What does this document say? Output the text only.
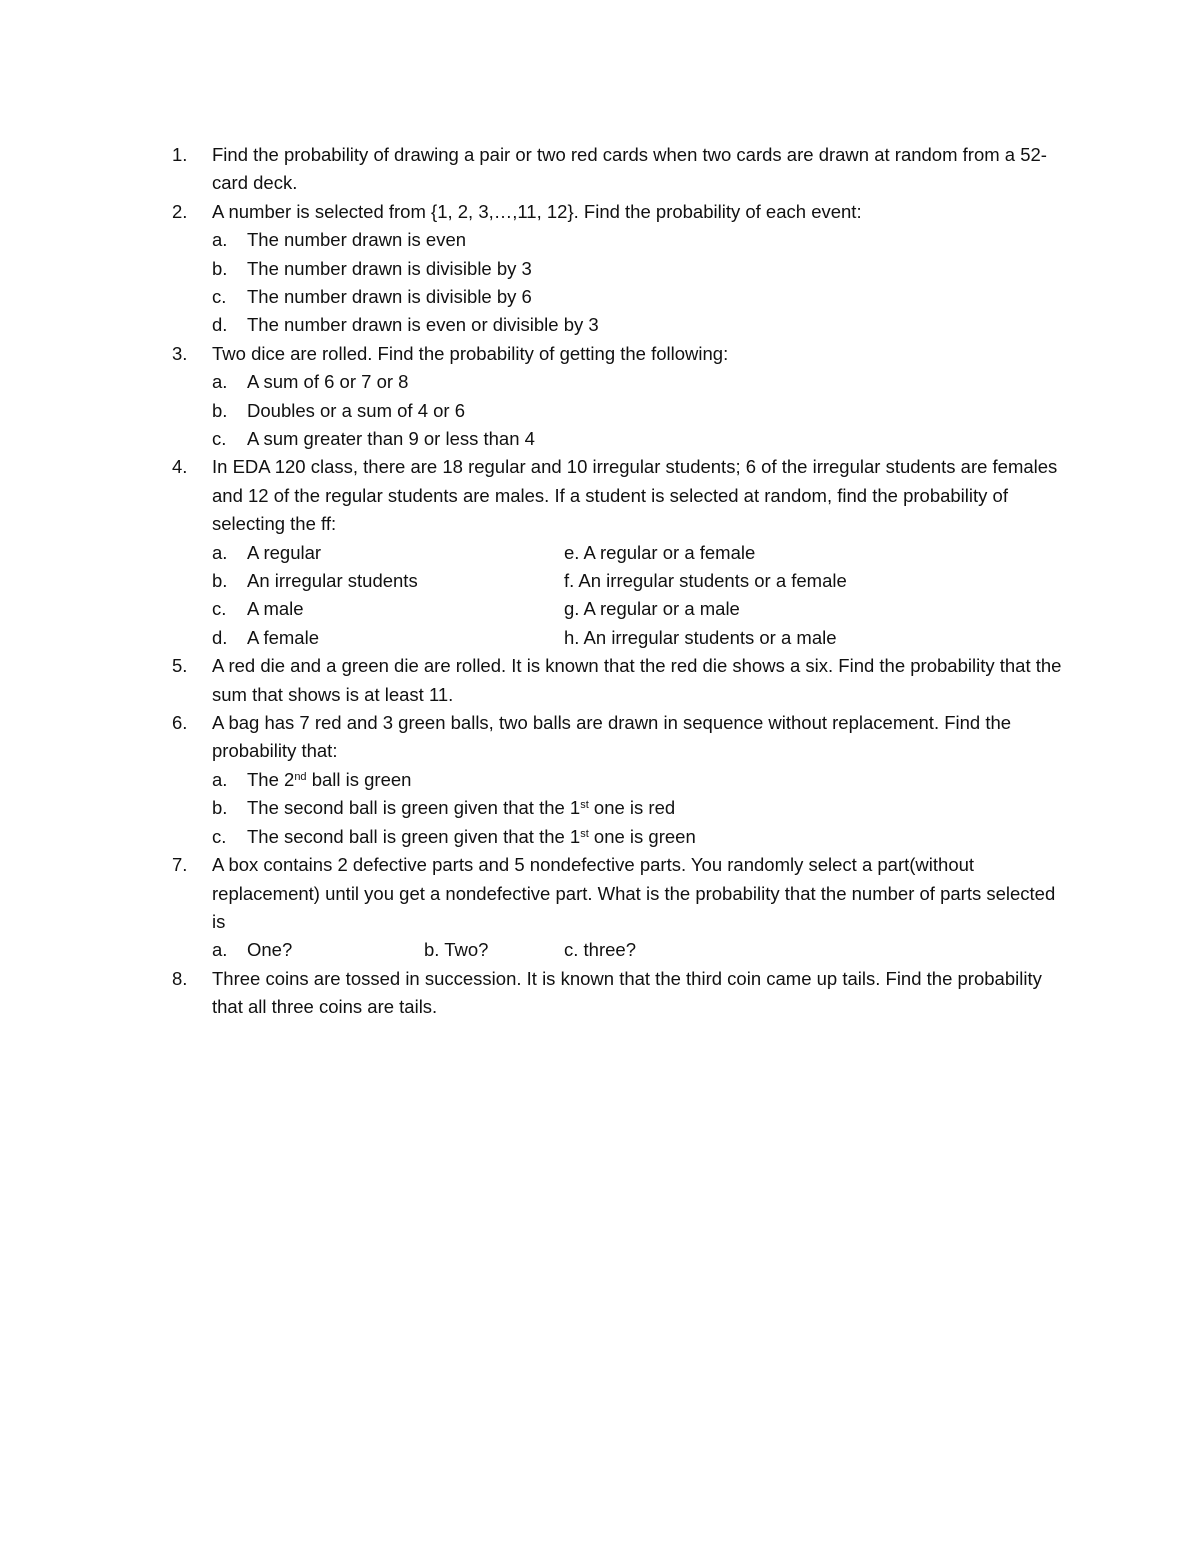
1.	Find the probability of drawing a pair or two red cards when two cards are drawn at random from a 52-card deck.
2.	A number is selected from {1, 2, 3,…,11, 12}. Find the probability of each event:
a.	The number drawn is even
b.	The number drawn is divisible by 3
c.	The number drawn is divisible by 6
d.	The number drawn is even or divisible by 3
3.	Two dice are rolled. Find the probability of getting the following:
a.	A sum of 6 or 7 or 8
b.	Doubles or a sum of 4 or 6
c.	A sum greater than 9 or less than 4
4.	In EDA 120 class, there are 18 regular and 10 irregular students; 6 of the irregular students are females and 12 of the regular students are males. If a student is selected at random, find the probability of selecting the ff:
a.	A regular	e. A regular or a female
b.	An irregular students	f. An irregular students or a female
c.	A male	g. A regular or a male
d.	A female	h. An irregular students or a male
5.	A red die and a green die are rolled. It is known that the red die shows a six. Find the probability that the sum that shows is at least 11.
6.	A bag has 7 red and 3 green balls, two balls are drawn in sequence without replacement. Find the probability that:
a.	The 2nd ball is green
b.	The second ball is green given that the 1st one is red
c.	The second ball is green given that the 1st one is green
7.	A box contains 2 defective parts and 5 nondefective parts. You randomly select a part(without replacement) until you get a nondefective part. What is the probability that the number of parts selected is
a.	One?	b. Two?	c. three?
8.	Three coins are tossed in succession. It is known that the third coin came up tails. Find the probability that all three coins are tails.
